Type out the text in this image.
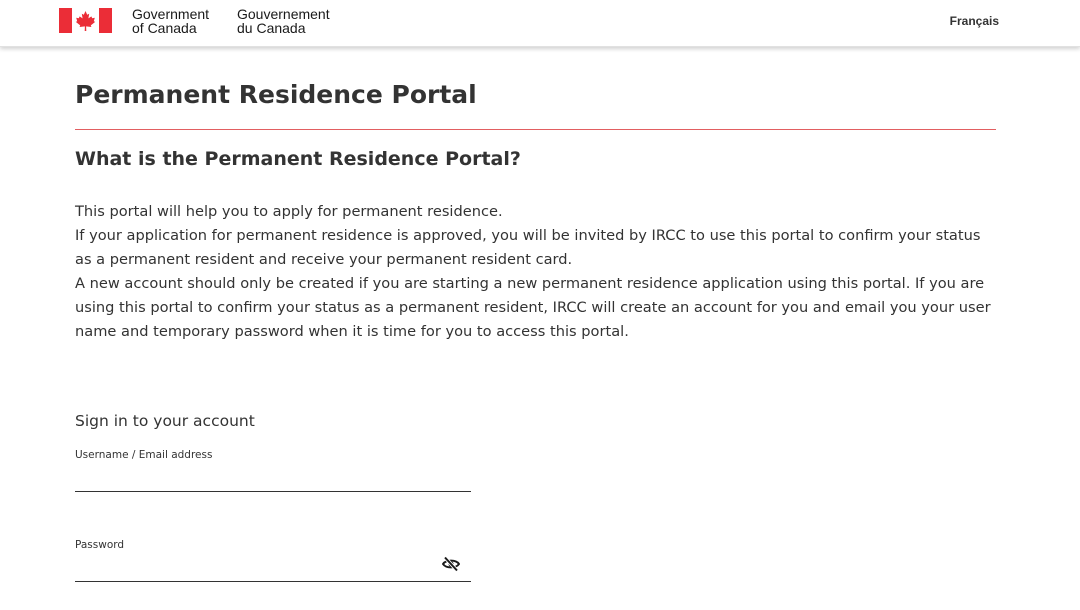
Government
of Canada
Gouvernement
du Canada	Français
Permanent Residence Portal
What is the Permanent Residence Portal?

This portal will help you to apply for permanent residence.

If your application for permanent residence is approved, you will be invited by IRCC to use this portal to confirm your status as a permanent resident and receive your permanent resident card.

A new account should only be created if you are starting a new permanent residence application using this portal. If you are using this portal to confirm your status as a permanent resident, IRCC will create an account for you and email you your user name and temporary password when it is time for you to access this portal.

Sign in to your account
Username / Email address
Password
